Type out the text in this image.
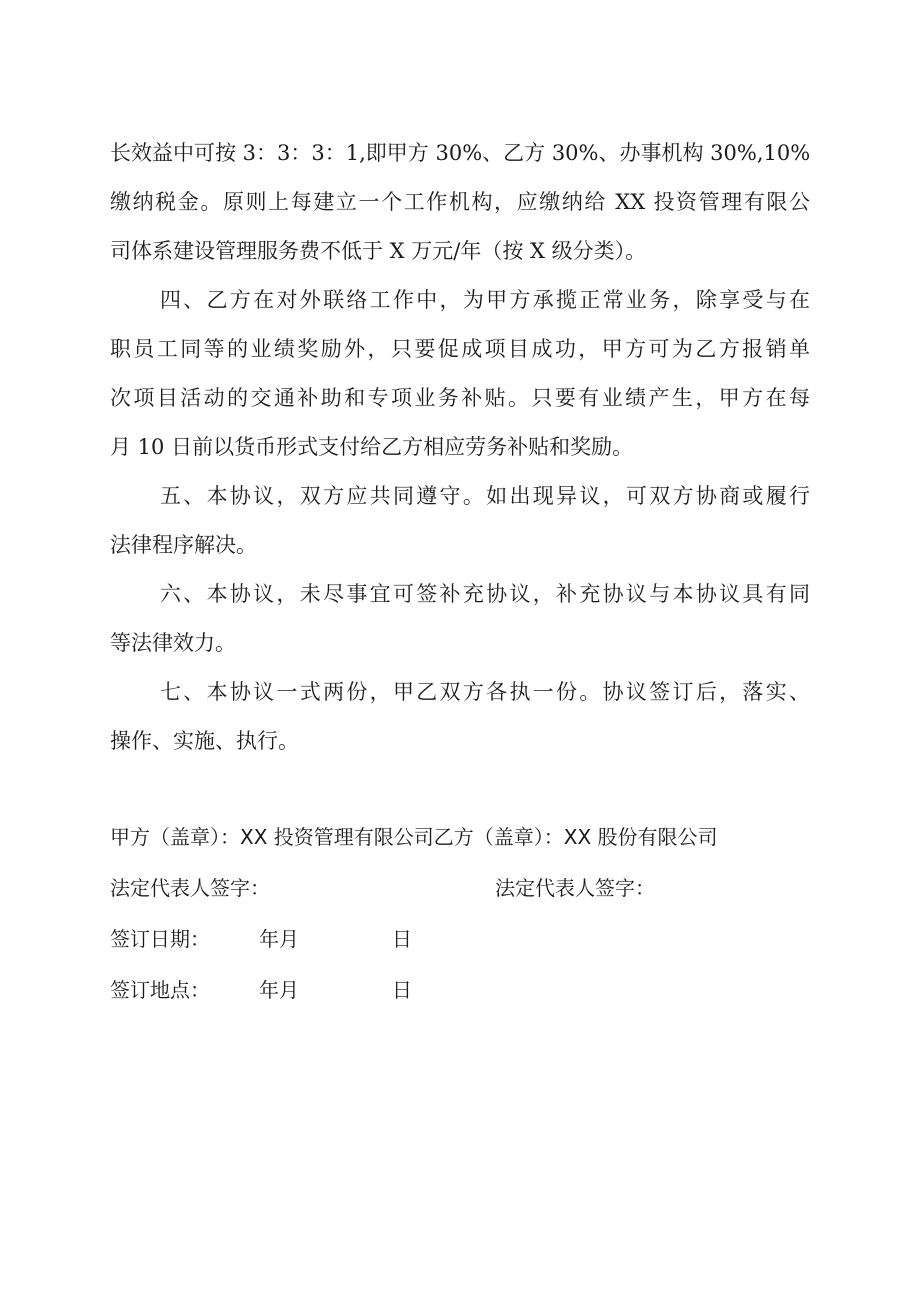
长效益中可按 3：3：3：1,即甲方 30%、乙方 30%、办事机构 30%,10%
缴纳税金。原则上每建立一个工作机构，应缴纳给 XX 投资管理有限公
司体系建设管理服务费不低于 X 万元/年（按 X 级分类）。
四、乙方在对外联络工作中，为甲方承揽正常业务，除享受与在
职员工同等的业绩奖励外，只要促成项目成功，甲方可为乙方报销单
次项目活动的交通补助和专项业务补贴。只要有业绩产生，甲方在每
月 10 日前以货币形式支付给乙方相应劳务补贴和奖励。
五、本协议，双方应共同遵守。如出现异议，可双方协商或履行
法律程序解决。
六、本协议，未尽事宜可签补充协议，补充协议与本协议具有同
等法律效力。
七、本协议一式两份，甲乙双方各执一份。协议签订后，落实、
操作、实施、执行。
甲方（盖章）：XX 投资管理有限公司乙方（盖章）：XX 股份有限公司
法定代表人签字：	法定代表人签字：
签订日期： 年月	日
签订地点： 年月	日
